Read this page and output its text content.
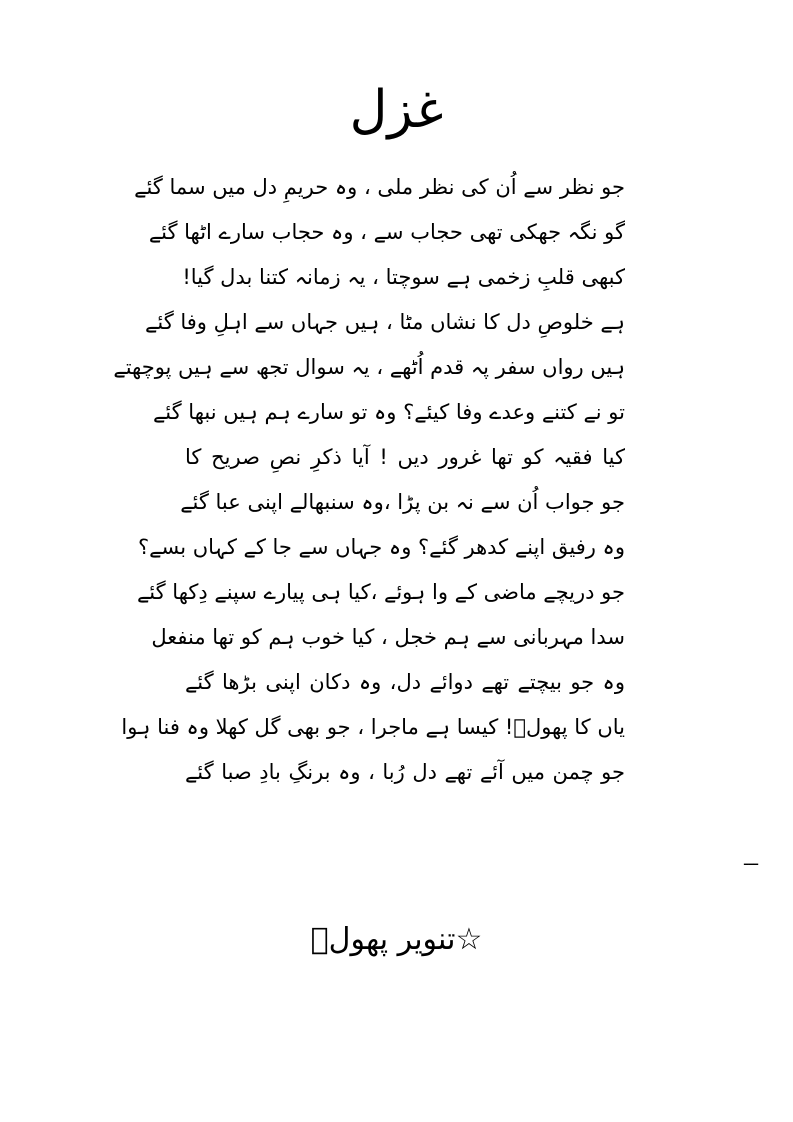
غزل
جو نظر سے اُن کی نظر ملی ، وہ حریمِ دل میں سما گئے
گو نگہ جھکی تھی حجاب سے ، وہ حجاب سارے اٹھا گئے
کبھی قلبِ زخمی ہے سوچتا ، یہ زمانہ کتنا بدل گیا!
ہے خلوصِ دل کا نشاں مٹا ، ہیں جہاں سے اہلِ وفا گئے
ہیں رواں سفر پہ قدم اُٹھے ، یہ سوال تجھ سے ہیں پوچھتے
تو نے کتنے وعدے وفا کیئے؟ وہ تو سارے ہم ہیں نبھا گئے
کیا فقیہ کو تھا غرور دیں ! آیا ذکرِ نصِ صریح کا
جو جواب اُن سے نہ بن پڑا ،وہ سنبھالے اپنی عبا گئے
وہ رفیق اپنے کدھر گئے؟ وہ جہاں سے جا کے کہاں بسے؟
جو دریچے ماضی کے وا ہوئے ،کیا ہی پیارے سپنے دِکھا گئے
سدا مہربانی سے ہم خجل ، کیا خوب ہم کو تھا منفعل
وہ جو بیچتے تھے دوائے دل، وہ دکان اپنی بڑھا گئے
یاں کا پھولؔ! کیسا ہے ماجرا ، جو بھی گل کھلا وہ فنا ہوا
جو چمن میں آئے تھے دل رُبا ، وہ برنگِ بادِ صبا گئے
ـــ
☆تنویر پھولؔ
